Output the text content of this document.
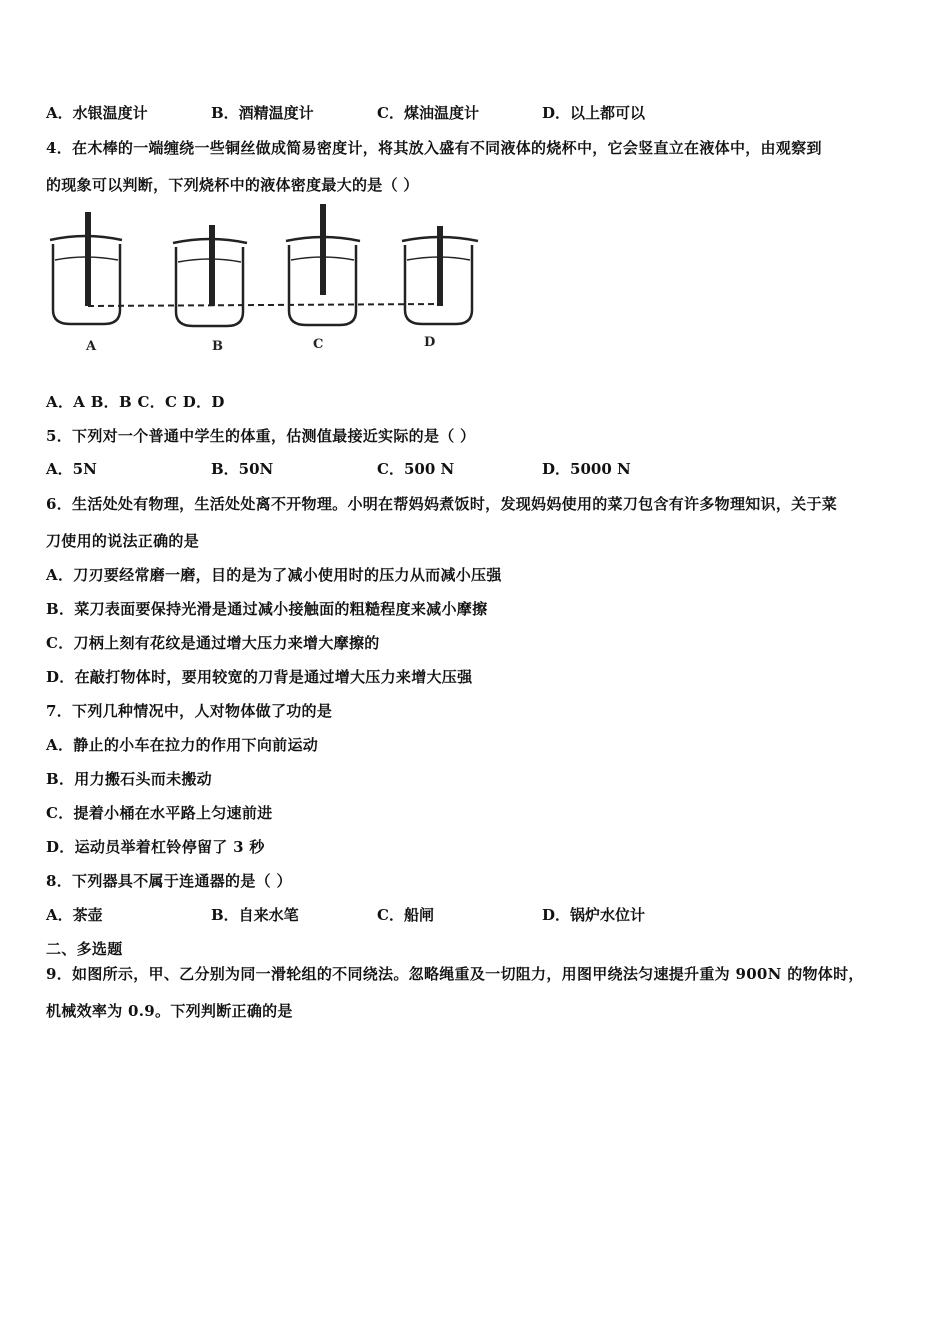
A．水银温度计	B．酒精温度计	C．煤油温度计	D．以上都可以
4．在木棒的一端缠绕一些铜丝做成简易密度计，将其放入盛有不同液体的烧杯中，它会竖直立在液体中，由观察到
的现象可以判断，下列烧杯中的液体密度最大的是（ ）
A	B	C	D
A．A B．B C．C D．D
5．下列对一个普通中学生的体重，估测值最接近实际的是（ ）
A．5N	B．50N	C．500 N	D．5000 N
6．生活处处有物理，生活处处离不开物理。小明在帮妈妈煮饭时，发现妈妈使用的菜刀包含有许多物理知识，关于菜
刀使用的说法正确的是
A．刀刃要经常磨一磨，目的是为了减小使用时的压力从而减小压强
B．菜刀表面要保持光滑是通过减小接触面的粗糙程度来减小摩擦
C．刀柄上刻有花纹是通过增大压力来增大摩擦的
D．在敲打物体时，要用较宽的刀背是通过增大压力来增大压强
7．下列几种情况中，人对物体做了功的是
A．静止的小车在拉力的作用下向前运动
B．用力搬石头而未搬动
C．提着小桶在水平路上匀速前进
D．运动员举着杠铃停留了 3 秒
8．下列器具不属于连通器的是（ ）
A．茶壶	B．自来水笔	C．船闸	D．锅炉水位计
二、多选题
9．如图所示，甲、乙分别为同一滑轮组的不同绕法。忽略绳重及一切阻力，用图甲绕法匀速提升重为 900N 的物体时，
机械效率为 0.9。下列判断正确的是
